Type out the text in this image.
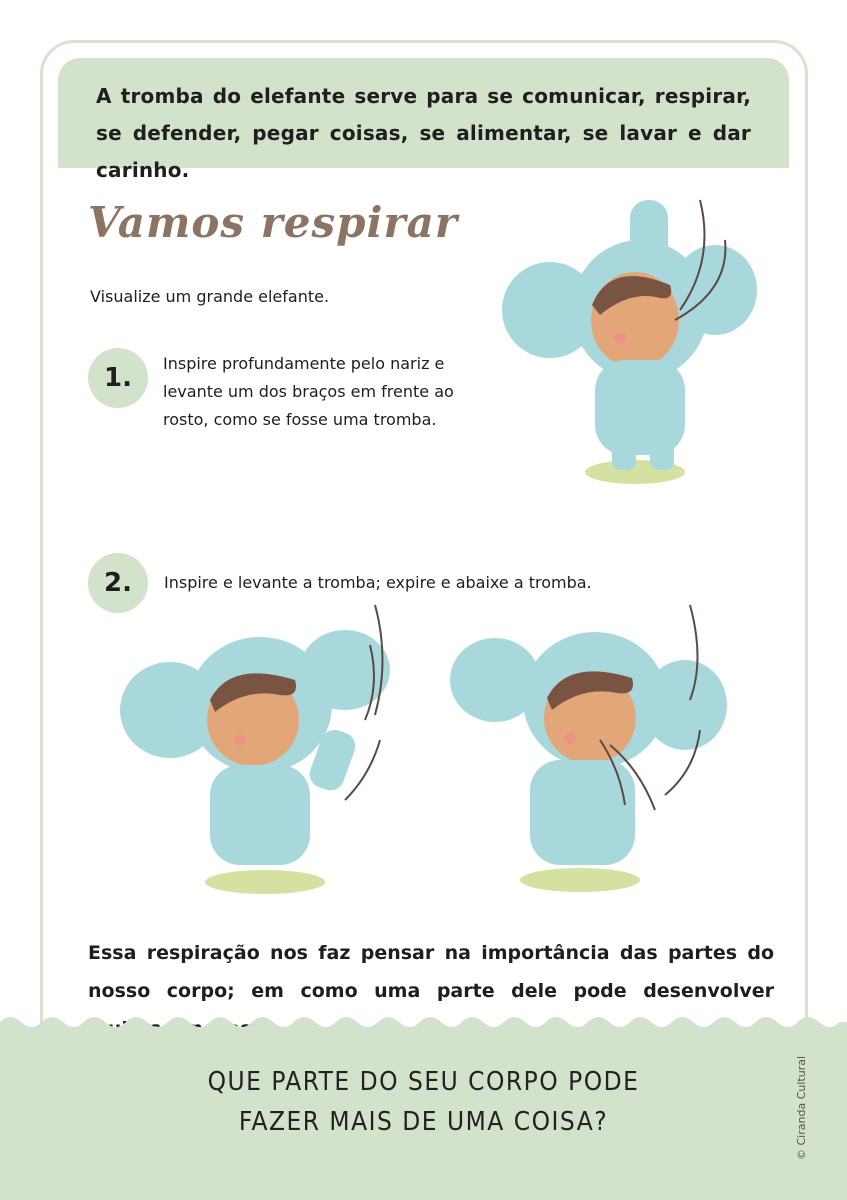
A tromba do elefante serve para se comunicar, respirar, se defender, pegar coisas, se alimentar, se lavar e dar carinho.

Vamos respirar

Visualize um grande elefante.

1.	Inspire profundamente pelo nariz e levante um dos braços em frente ao rosto, como se fosse uma tromba.

2.	Inspire e levante a tromba; expire e abaixe a tromba.

Essa respiração nos faz pensar na importância das partes do nosso corpo; em como uma parte dele pode desenvolver

QUE PARTE DO SEU CORPO PODE
FAZER MAIS DE UMA COISA?	© Ciranda Cultural
